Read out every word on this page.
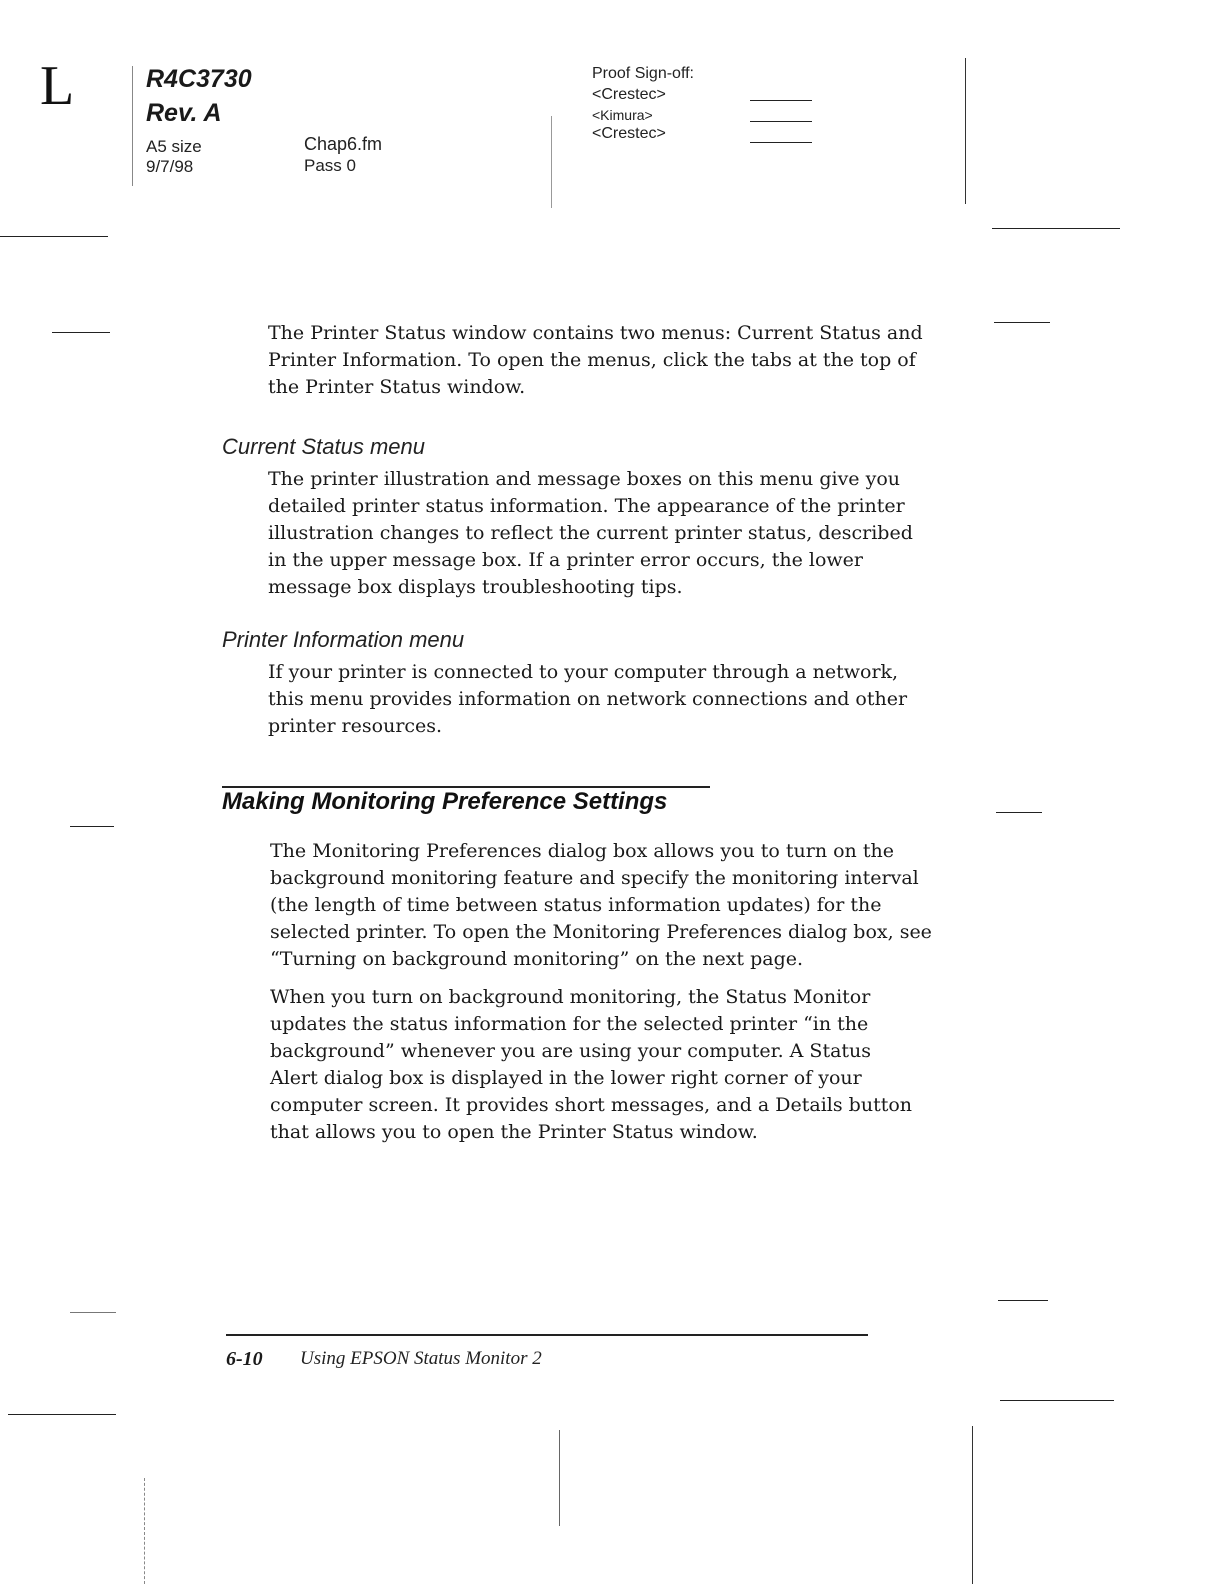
L	R4C3730
Rev. A
A5 size
9/7/98
Chap6.fm
Pass 0
Proof Sign-off:
<Crestec>
<Kimura>
<Crestec>
The Printer Status window contains two menus: Current Status and
Printer Information. To open the menus, click the tabs at the top of
the Printer Status window.
Current Status menu
The printer illustration and message boxes on this menu give you
detailed printer status information. The appearance of the printer
illustration changes to reflect the current printer status, described
in the upper message box. If a printer error occurs, the lower
message box displays troubleshooting tips.
Printer Information menu
If your printer is connected to your computer through a network,
this menu provides information on network connections and other
printer resources.
Making Monitoring Preference Settings
The Monitoring Preferences dialog box allows you to turn on the
background monitoring feature and specify the monitoring interval
(the length of time between status information updates) for the
selected printer. To open the Monitoring Preferences dialog box, see
“Turning on background monitoring” on the next page.
When you turn on background monitoring, the Status Monitor
updates the status information for the selected printer “in the
background” whenever you are using your computer. A Status
Alert dialog box is displayed in the lower right corner of your
computer screen. It provides short messages, and a Details button
that allows you to open the Printer Status window.
6-10 Using EPSON Status Monitor 2
